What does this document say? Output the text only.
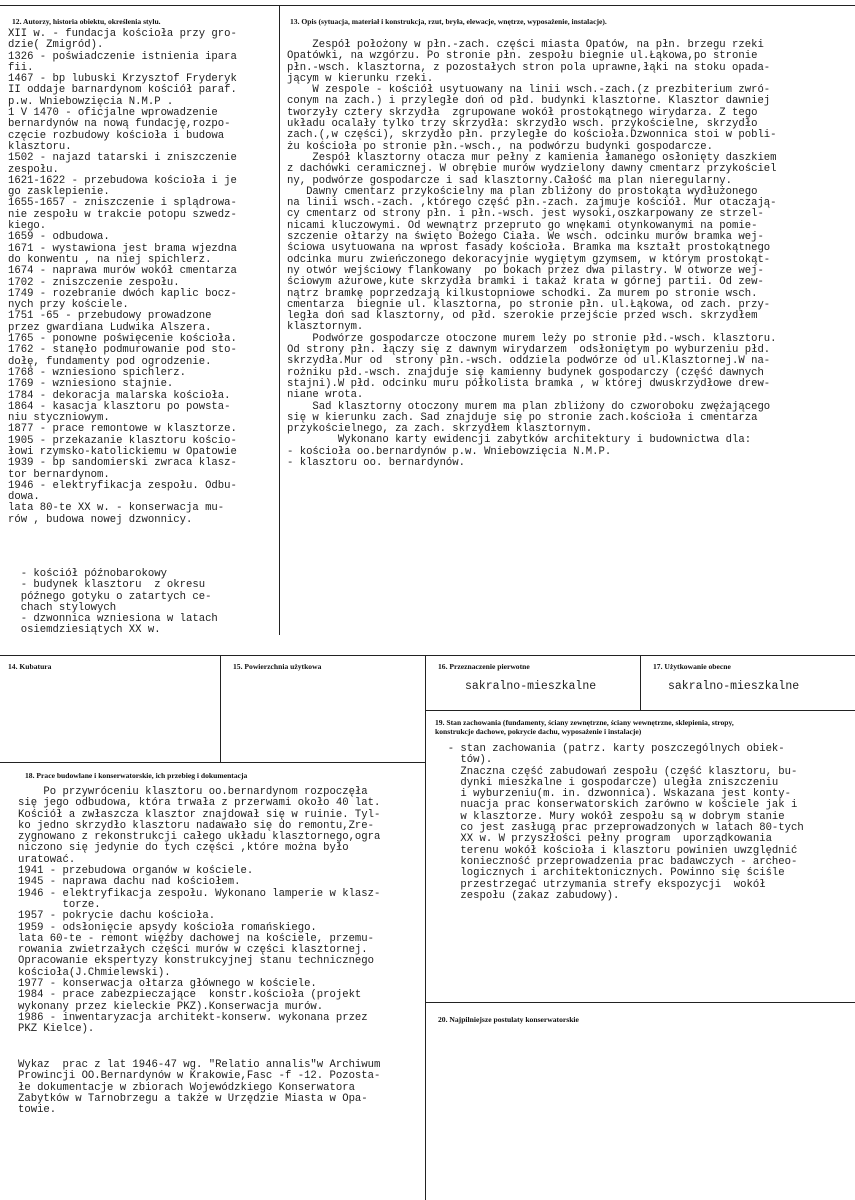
12. Autorzy, historia obiektu, określenia stylu.
XII w. - fundacja kościoła przy gro-
dzie( Zmigród).
1326 - poświadczenie istnienia ipara
fii.
1467 - bp lubuski Krzysztof Fryderyk
II oddaje barnardynom kościół paraf.
p.w. Wniebowzięcia N.M.P .
1 V 1470 - oficjalne wprowadzenie
bernardynów na nową fundację,rozpo-
częcie rozbudowy kościoła i budowa
klasztoru.
1502 - najazd tatarski i zniszczenie
zespołu.
1621-1622 - przebudowa kościoła i je
go zasklepienie.
1655-1657 - zniszczenie i splądrowa-
nie zespołu w trakcie potopu szwedz-
kiego.
1659 - odbudowa.
1671 - wystawiona jest brama wjezdna
do konwentu , na niej spichlerz.
1674 - naprawa murów wokół cmentarza
1702 - zniszczenie zespołu.
1749 - rozebranie dwóch kaplic bocz-
nych przy kościele.
1751 -65 - przebudowy prowadzone
przez gwardiana Ludwika Alszera.
1765 - ponowne poświęcenie kościoła.
1762 - stanęło podmurowanie pod sto-
dołę, fundamenty pod ogrodzenie.
1768 - wzniesiono spichlerz.
1769 - wzniesiono stajnie.
1784 - dekoracja malarska kościoła.
1864 - kasacja klasztoru po powsta-
niu styczniowym.
1877 - prace remontowe w klasztorze.
1905 - przekazanie klasztoru kościo-
łowi rzymsko-katolickiemu w Opatowie
1939 - bp sandomierski zwraca klasz-
tor bernardynom.
1946 - elektryfikacja zespołu. Odbu-
dowa.
lata 80-te XX w. - konserwacja mu-
rów , budowa nowej dzwonnicy.
- kościół późnobarokowy
- budynek klasztoru  z okresu
późnego gotyku o zatartych ce-
chach stylowych
- dzwonnica wzniesiona w latach
osiemdziesiątych XX w.
13. Opis (sytuacja, materiał i konstrukcja, rzut, bryła, elewacje, wnętrze, wyposażenie, instalacje).
Zespół położony w płn.-zach. części miasta Opatów, na płn. brzegu rzeki
Opatówki, na wzgórzu. Po stronie płn. zespołu biegnie ul.Łąkowa,po stronie
płn.-wsch. klasztorna, z pozostałych stron pola uprawne,łąki na stoku opada-
jącym w kierunku rzeki.
W zespole - kościół usytuowany na linii wsch.-zach.(z prezbiterium zwró-
conym na zach.) i przyległe doń od płd. budynki klasztorne. Klasztor dawniej
tworzyły cztery skrzydła  zgrupowane wokół prostokątnego wirydarza. Z tego
układu ocalały tylko trzy skrzydła: skrzydło wsch. przykościelne, skrzydło
zach.(,w części), skrzydło płn. przyległe do kościoła.Dzwonnica stoi w pobli-
żu kościoła po stronie płn.-wsch., na podwórzu budynki gospodarcze.
Zespół klasztorny otacza mur pełny z kamienia łamanego osłonięty daszkiem
z dachówki ceramicznej. W obrębie murów wydzielony dawny cmentarz przykościel
ny, podwórze gospodarcze i sad klasztorny.Całość ma plan nieregularny.
Dawny cmentarz przykościelny ma plan zbliżony do prostokąta wydłużonego
na linii wsch.-zach. ,którego część płn.-zach. zajmuje kościół. Mur otaczają-
cy cmentarz od strony płn. i płn.-wsch. jest wysoki,oszkarpowany ze strzel-
nicami kluczowymi. Od wewnątrz przepruto go wnękami otynkowanymi na pomie-
szczenie ołtarzy na święto Bożego Ciała. We wsch. odcinku murów bramka wej-
ściowa usytuowana na wprost fasady kościoła. Bramka ma kształt prostokątnego
odcinka muru zwieńczonego dekoracyjnie wygiętym gzymsem, w którym prostokąt-
ny otwór wejściowy flankowany  po bokach przez dwa pilastry. W otworze wej-
ściowym ażurowe,kute skrzydła bramki i takaż krata w górnej partii. Od zew-
nątrz bramkę poprzedzają kilkustopniowe schodki. Za murem po stronie wsch.
cmentarza  biegnie ul. klasztorna, po stronie płn. ul.Łąkowa, od zach. przy-
legła doń sad klasztorny, od płd. szerokie przejście przed wsch. skrzydłem
klasztornym.
Podwórze gospodarcze otoczone murem leży po stronie płd.-wsch. klasztoru.
Od strony płn. łączy się z dawnym wirydarzem  odsłoniętym po wyburzeniu płd.
skrzydła.Mur od  strony płn.-wsch. oddziela podwórze od ul.Klasztornej.W na-
rożniku płd.-wsch. znajduje się kamienny budynek gospodarczy (część dawnych
stajni).W płd. odcinku muru półkolista bramka , w której dwuskrzydłowe drew-
niane wrota.
Sad klasztorny otoczony murem ma plan zbliżony do czworoboku zwężającego
się w kierunku zach. Sad znajduje się po stronie zach.kościoła i cmentarza
przykościelnego, za zach. skrzydłem klasztornym.
Wykonano karty ewidencji zabytków architektury i budownictwa dla:
- kościoła oo.bernardynów p.w. Wniebowzięcia N.M.P.
- klasztoru oo. bernardynów.
14. Kubatura	15. Powierzchnia użytkowa	16. Przeznaczenie pierwotne
sakralno-mieszkalne
17. Użytkowanie obecne
sakralno-mieszkalne
18. Prace budowlane i konserwatorskie, ich przebieg i dokumentacja
Po przywróceniu klasztoru oo.bernardynom rozpoczęła
się jego odbudowa, która trwała z przerwami około 40 lat.
Kościół a zwłaszcza klasztor znajdował się w ruinie. Tyl-
ko jedno skrzydło klasztoru nadawało się do remontu,Zre-
zygnowano z rekonstrukcji całego układu klasztornego,ogra
niczono się jedynie do tych części ,które można było
uratować.
1941 - przebudowa organów w kościele.
1945 - naprawa dachu nad kościołem.
1946 - elektryfikacja zespołu. Wykonano lamperie w klasz-
torze.
1957 - pokrycie dachu kościoła.
1959 - odsłonięcie apsydy kościoła romańskiego.
lata 60-te - remont więźby dachowej na kościele, przemu-
rowania zwietrzałych części murów w części klasztornej.
Opracowanie ekspertyzy konstrukcyjnej stanu technicznego
kościoła(J.Chmielewski).
1977 - konserwacja ołtarza głównego w kościele.
1984 - prace zabezpieczające  konstr.kościoła (projekt
wykonany przez kieleckie PKZ).Konserwacja murów.
1986 - inwentaryzacja architekt-konserw. wykonana przez
PKZ Kielce).
Wykaz  prac z lat 1946-47 wg. "Relatio annalis"w Archiwum
Prowincji OO.Bernardynów w Krakowie,Fasc -f -12. Pozosta-
łe dokumentacje w zbiorach Wojewódzkiego Konserwatora
Zabytków w Tarnobrzegu a także w Urzędzie Miasta w Opa-
towie.
19. Stan zachowania (fundamenty, ściany zewnętrzne, ściany wewnętrzne, sklepienia, stropy,
konstrukcje dachowe, pokrycie dachu, wyposażenie i instalacje)
- stan zachowania (patrz. karty poszczególnych obiek-
tów).
Znaczna część zabudowań zespołu (część klasztoru, bu-
dynki mieszkalne i gospodarcze) uległa zniszczeniu
i wyburzeniu(m. in. dzwonnica). Wskazana jest konty-
nuacja prac konserwatorskich zarówno w kościele jak i
w klasztorze. Mury wokół zespołu są w dobrym stanie
co jest zasługą prac przeprowadzonych w latach 80-tych
XX w. W przyszłości pełny program  uporządkowania
terenu wokół kościoła i klasztoru powinien uwzględnić
konieczność przeprowadzenia prac badawczych - archeo-
logicznych i architektonicznych. Powinno się ściśle
przestrzegać utrzymania strefy ekspozycji  wokół
zespołu (zakaz zabudowy).
20. Najpilniejsze postulaty konserwatorskie
